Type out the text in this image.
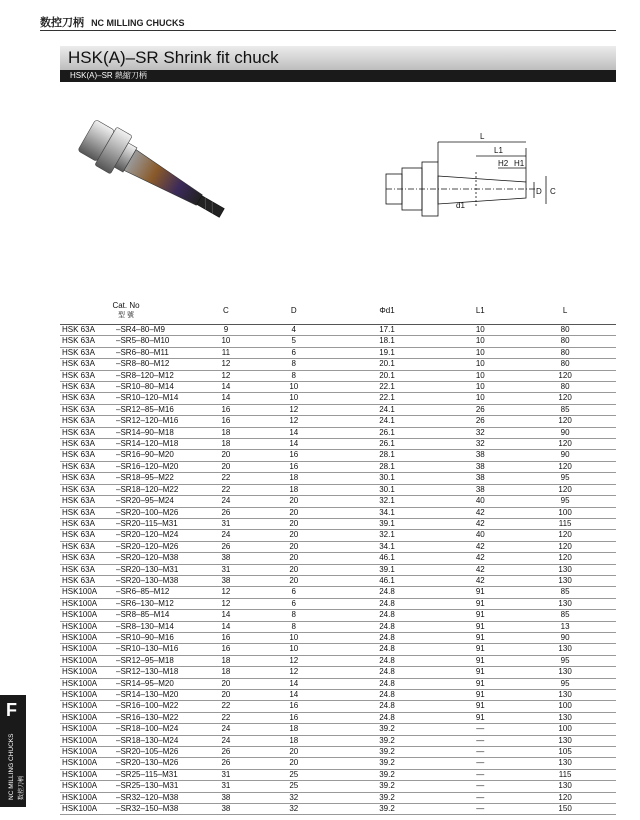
数控刀柄 NC MILLING CHUCKS
HSK(A)–SR Shrink fit chuck
HSK(A)–SR 熱縮刀柄
L
L1
H2 H1
D C
d1
Cat. No
型 號		C	D	Φd1	L1	L
HSK 63A	–SR4–80–M9	9	4	17.1	10	80
HSK 63A	–SR5–80–M10	10	5	18.1	10	80
HSK 63A	–SR6–80–M11	11	6	19.1	10	80
HSK 63A	–SR8–80–M12	12	8	20.1	10	80
HSK 63A	–SR8–120–M12	12	8	20.1	10	120
HSK 63A	–SR10–80–M14	14	10	22.1	10	80
HSK 63A	–SR10–120–M14	14	10	22.1	10	120
HSK 63A	–SR12–85–M16	16	12	24.1	26	85
HSK 63A	–SR12–120–M16	16	12	24.1	26	120
HSK 63A	–SR14–90–M18	18	14	26.1	32	90
HSK 63A	–SR14–120–M18	18	14	26.1	32	120
HSK 63A	–SR16–90–M20	20	16	28.1	38	90
HSK 63A	–SR16–120–M20	20	16	28.1	38	120
HSK 63A	–SR18–95–M22	22	18	30.1	38	95
HSK 63A	–SR18–120–M22	22	18	30.1	38	120
HSK 63A	–SR20–95–M24	24	20	32.1	40	95
HSK 63A	–SR20–100–M26	26	20	34.1	42	100
HSK 63A	–SR20–115–M31	31	20	39.1	42	115
HSK 63A	–SR20–120–M24	24	20	32.1	40	120
HSK 63A	–SR20–120–M26	26	20	34.1	42	120
HSK 63A	–SR20–120–M38	38	20	46.1	42	120
HSK 63A	–SR20–130–M31	31	20	39.1	42	130
HSK 63A	–SR20–130–M38	38	20	46.1	42	130
HSK100A	–SR6–85–M12	12	6	24.8	91	85
HSK100A	–SR6–130–M12	12	6	24.8	91	130
HSK100A	–SR8–85–M14	14	8	24.8	91	85
HSK100A	–SR8–130–M14	14	8	24.8	91	13
HSK100A	–SR10–90–M16	16	10	24.8	91	90
HSK100A	–SR10–130–M16	16	10	24.8	91	130
HSK100A	–SR12–95–M18	18	12	24.8	91	95
HSK100A	–SR12–130–M18	18	12	24.8	91	130
HSK100A	–SR14–95–M20	20	14	24.8	91	95
HSK100A	–SR14–130–M20	20	14	24.8	91	130
HSK100A	–SR16–100–M22	22	16	24.8	91	100
HSK100A	–SR16–130–M22	22	16	24.8	91	130
HSK100A	–SR18–100–M24	24	18	39.2	—	100
HSK100A	–SR18–130–M24	24	18	39.2	—	130
HSK100A	–SR20–105–M26	26	20	39.2	—	105
HSK100A	–SR20–130–M26	26	20	39.2	—	130
HSK100A	–SR25–115–M31	31	25	39.2	—	115
HSK100A	–SR25–130–M31	31	25	39.2	—	130
HSK100A	–SR32–120–M38	38	32	39.2	—	120
HSK100A	–SR32–150–M38	38	32	39.2	—	150
F
NC MILLING CHUCKS 数控刀柄
